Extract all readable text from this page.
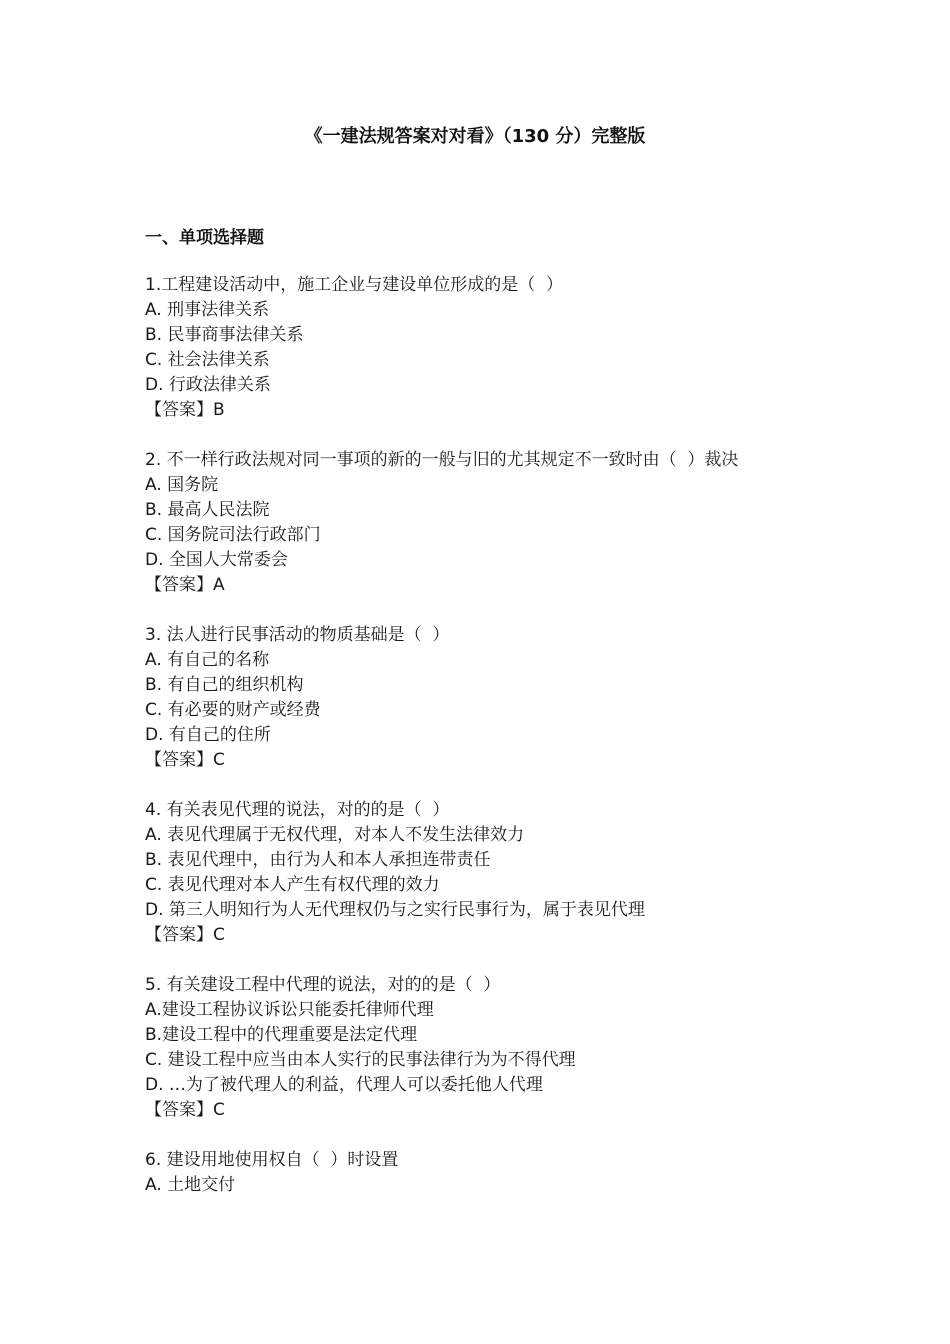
《一建法规答案对对看》（130 分）完整版
一、单项选择题
1.工程建设活动中，施工企业与建设单位形成的是（  ）
A. 刑事法律关系
B. 民事商事法律关系
C. 社会法律关系
D. 行政法律关系
【答案】B
2. 不一样行政法规对同一事项的新的一般与旧的尤其规定不一致时由（  ）裁决
A. 国务院
B. 最高人民法院
C. 国务院司法行政部门
D. 全国人大常委会
【答案】A
3. 法人进行民事活动的物质基础是（  ）
A. 有自己的名称
B. 有自己的组织机构
C. 有必要的财产或经费
D. 有自己的住所
【答案】C
4. 有关表见代理的说法，对的的是（  ）
A. 表见代理属于无权代理，对本人不发生法律效力
B. 表见代理中，由行为人和本人承担连带责任
C. 表见代理对本人产生有权代理的效力
D. 第三人明知行为人无代理权仍与之实行民事行为，属于表见代理
【答案】C
5. 有关建设工程中代理的说法，对的的是（  ）
A.建设工程协议诉讼只能委托律师代理
B.建设工程中的代理重要是法定代理
C. 建设工程中应当由本人实行的民事法律行为为不得代理
D. …为了被代理人的利益，代理人可以委托他人代理
【答案】C
6. 建设用地使用权自（  ）时设置
A. 土地交付
